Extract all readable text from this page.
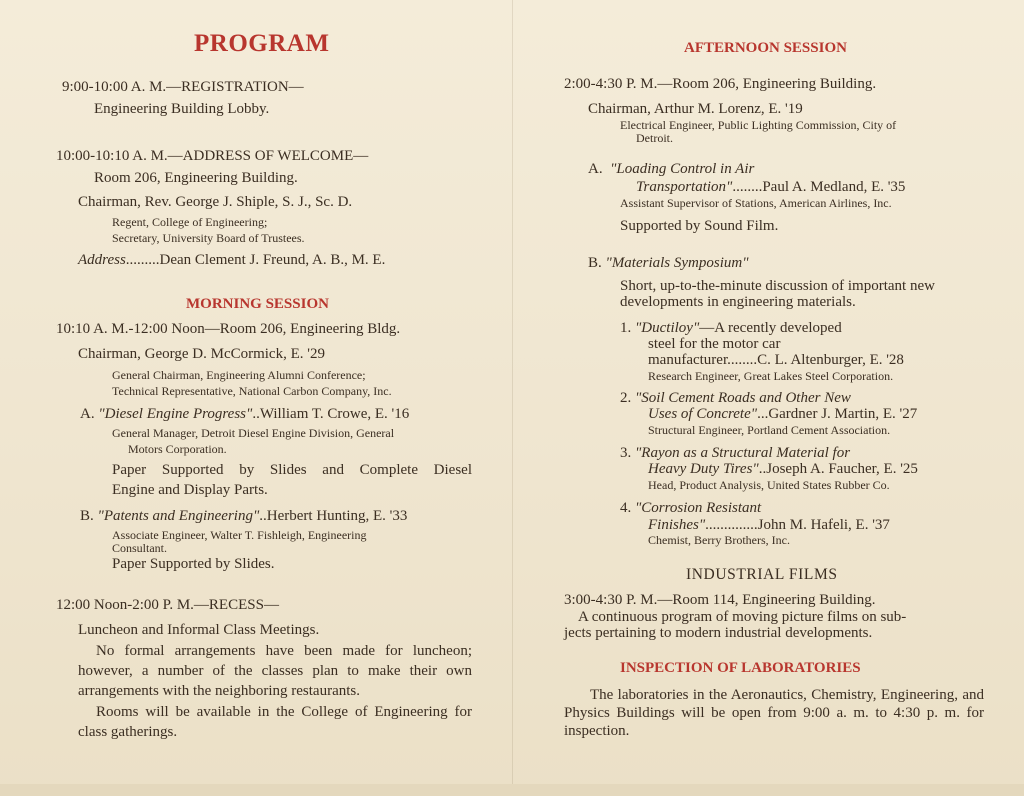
PROGRAM
9:00-10:00 A. M.—REGISTRATION—
Engineering Building Lobby.
10:00-10:10 A. M.—ADDRESS OF WELCOME—
Room 206, Engineering Building.
Chairman, Rev. George J. Shiple, S. J., Sc. D.
Regent, College of Engineering;
Secretary, University Board of Trustees.
Address.........Dean Clement J. Freund, A. B., M. E.
MORNING SESSION
10:10 A. M.-12:00 Noon—Room 206, Engineering Bldg.
Chairman, George D. McCormick, E. '29
General Chairman, Engineering Alumni Conference;
Technical Representative, National Carbon Company, Inc.
A. "Diesel Engine Progress"..William T. Crowe, E. '16
General Manager, Detroit Diesel Engine Division, General
Motors Corporation.
Paper Supported by Slides and Complete Diesel
Engine and Display Parts.
B. "Patents and Engineering"..Herbert Hunting, E. '33
Associate Engineer, Walter T. Fishleigh, Engineering
Consultant.
Paper Supported by Slides.
12:00 Noon-2:00 P. M.—RECESS—
Luncheon and Informal Class Meetings.
No formal arrangements have been made for luncheon; however, a number of the classes plan to make their own arrangements with the neighboring restaurants.
Rooms will be available in the College of Engineering for class gatherings.
AFTERNOON SESSION
2:00-4:30 P. M.—Room 206, Engineering Building.
Chairman, Arthur M. Lorenz, E. '19
Electrical Engineer, Public Lighting Commission, City of
Detroit.
A. "Loading Control in Air
Transportation"........Paul A. Medland, E. '35
Assistant Supervisor of Stations, American Airlines, Inc.
Supported by Sound Film.
B. "Materials Symposium"
Short, up-to-the-minute discussion of important new
developments in engineering materials.
1. "Ductiloy"—A recently developed
steel for the motor car
manufacturer........C. L. Altenburger, E. '28
Research Engineer, Great Lakes Steel Corporation.
2. "Soil Cement Roads and Other New
Uses of Concrete"...Gardner J. Martin, E. '27
Structural Engineer, Portland Cement Association.
3. "Rayon as a Structural Material for
Heavy Duty Tires"..Joseph A. Faucher, E. '25
Head, Product Analysis, United States Rubber Co.
4. "Corrosion Resistant
Finishes"..............John M. Hafeli, E. '37
Chemist, Berry Brothers, Inc.
INDUSTRIAL FILMS
3:00-4:30 P. M.—Room 114, Engineering Building.
A continuous program of moving picture films on sub-
jects pertaining to modern industrial developments.
INSPECTION OF LABORATORIES
The laboratories in the Aeronautics, Chemistry, Engineering, and Physics Buildings will be open from 9:00 a. m. to 4:30 p. m. for inspection.
